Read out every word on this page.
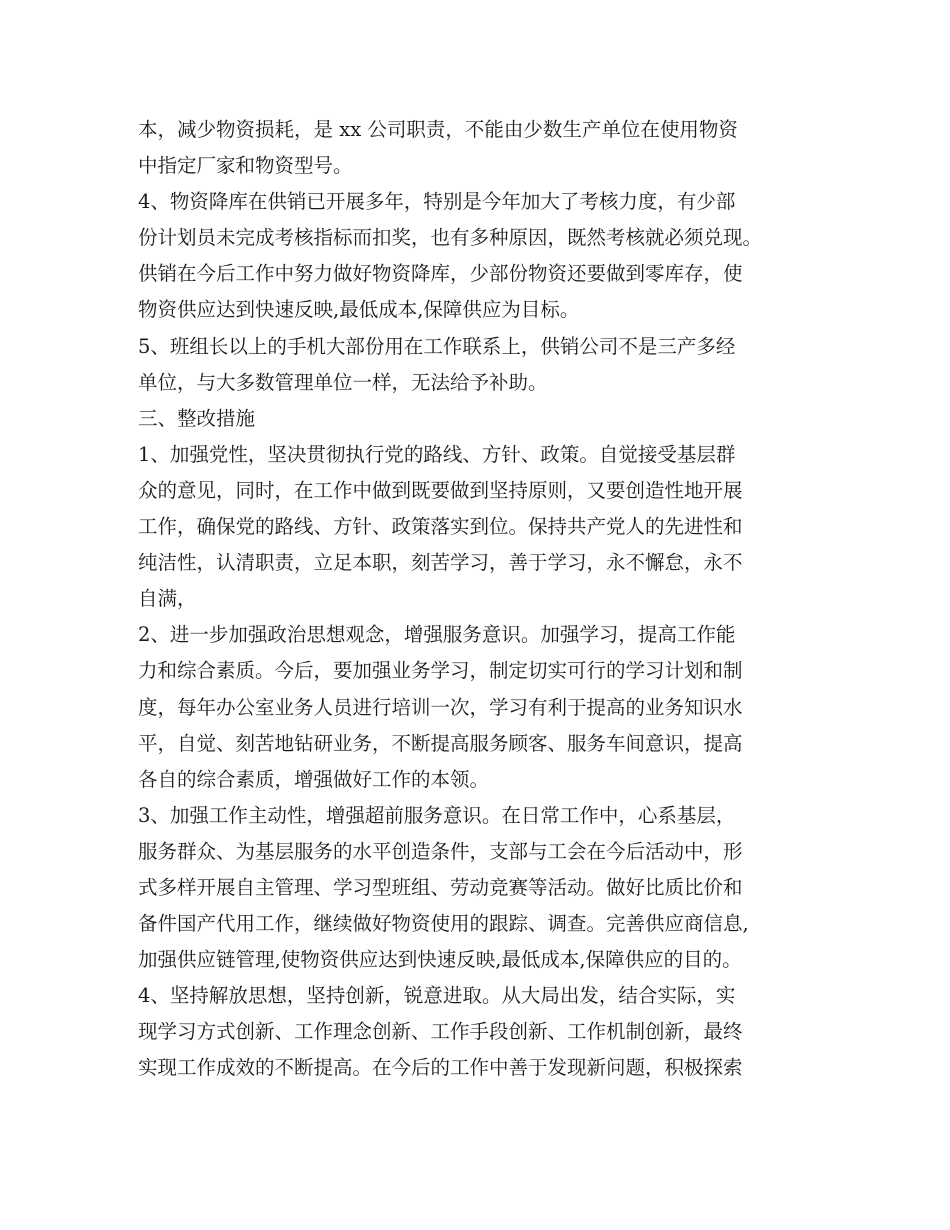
本，减少物资损耗，是 xx 公司职责，不能由少数生产单位在使用物资
中指定厂家和物资型号。
4、物资降库在供销已开展多年，特别是今年加大了考核力度，有少部
份计划员未完成考核指标而扣奖，也有多种原因，既然考核就必须兑现。
供销在今后工作中努力做好物资降库，少部份物资还要做到零库存，使
物资供应达到快速反映,最低成本,保障供应为目标。
5、班组长以上的手机大部份用在工作联系上，供销公司不是三产多经
单位，与大多数管理单位一样，无法给予补助。
三、整改措施
1、加强党性，坚决贯彻执行党的路线、方针、政策。自觉接受基层群
众的意见，同时，在工作中做到既要做到坚持原则，又要创造性地开展
工作，确保党的路线、方针、政策落实到位。保持共产党人的先进性和
纯洁性，认清职责，立足本职，刻苦学习，善于学习，永不懈怠，永不
自满，
2、进一步加强政治思想观念，增强服务意识。加强学习，提高工作能
力和综合素质。今后，要加强业务学习，制定切实可行的学习计划和制
度，每年办公室业务人员进行培训一次，学习有利于提高的业务知识水
平，自觉、刻苦地钻研业务，不断提高服务顾客、服务车间意识，提高
各自的综合素质，增强做好工作的本领。
3、加强工作主动性，增强超前服务意识。在日常工作中，心系基层，
服务群众、为基层服务的水平创造条件，支部与工会在今后活动中，形
式多样开展自主管理、学习型班组、劳动竞赛等活动。做好比质比价和
备件国产代用工作，继续做好物资使用的跟踪、调查。完善供应商信息,
加强供应链管理,使物资供应达到快速反映,最低成本,保障供应的目的。
4、坚持解放思想，坚持创新，锐意进取。从大局出发，结合实际，实
现学习方式创新、工作理念创新、工作手段创新、工作机制创新，最终
实现工作成效的不断提高。在今后的工作中善于发现新问题，积极探索
